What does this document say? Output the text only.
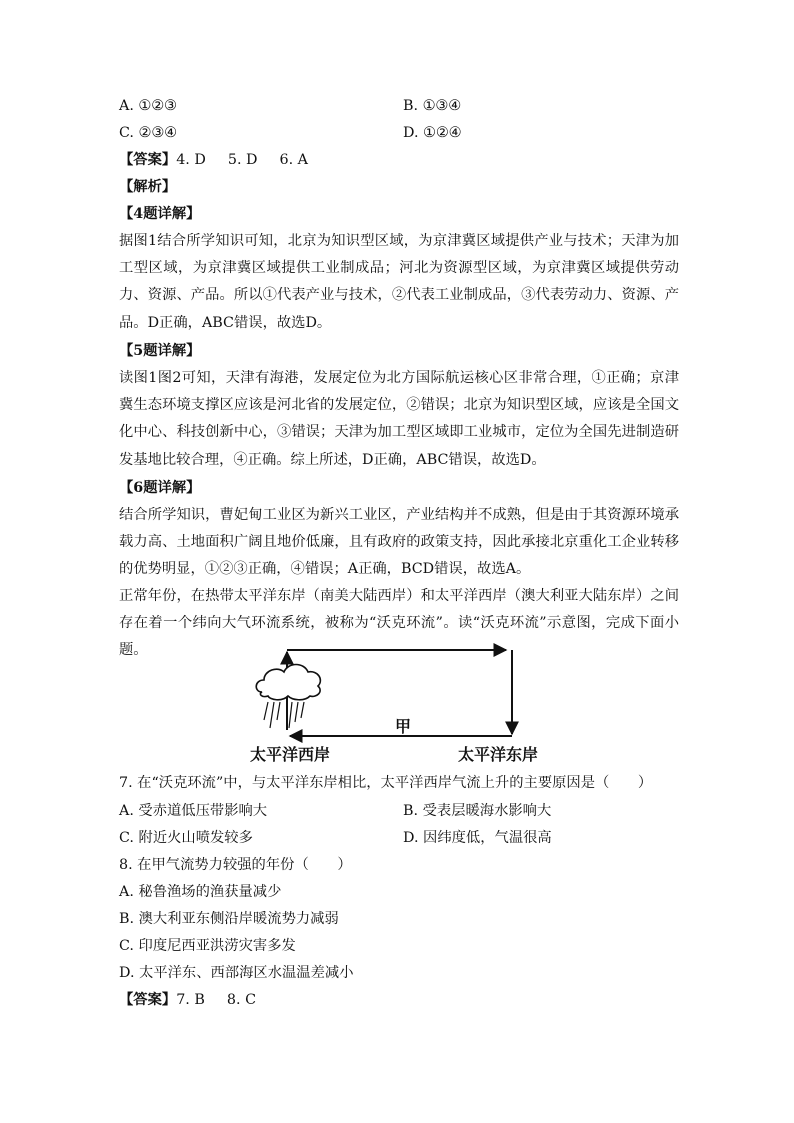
A. ①②③	B. ①③④
C. ②③④	D. ①②④
【答案】4. D 5. D 6. A
【解析】
【4题详解】
据图1结合所学知识可知，北京为知识型区域，为京津冀区域提供产业与技术；天津为加工型区域，为京津冀区域提供工业制成品；河北为资源型区域，为京津冀区域提供劳动力、资源、产品。所以①代表产业与技术，②代表工业制成品，③代表劳动力、资源、产品。D正确，ABC错误，故选D。
【5题详解】
读图1图2可知，天津有海港，发展定位为北方国际航运核心区非常合理，①正确；京津冀生态环境支撑区应该是河北省的发展定位，②错误；北京为知识型区域，应该是全国文化中心、科技创新中心，③错误；天津为加工型区域即工业城市，定位为全国先进制造研发基地比较合理，④正确。综上所述，D正确，ABC错误，故选D。
【6题详解】
结合所学知识，曹妃甸工业区为新兴工业区，产业结构并不成熟，但是由于其资源环境承载力高、土地面积广阔且地价低廉，且有政府的政策支持，因此承接北京重化工企业转移的优势明显，①②③正确，④错误；A正确，BCD错误，故选A。
正常年份，在热带太平洋东岸（南美大陆西岸）和太平洋西岸（澳大利亚大陆东岸）之间存在着一个纬向大气环流系统，被称为“沃克环流”。读“沃克环流”示意图，完成下面小题。
甲
太平洋西岸	太平洋东岸
7. 在“沃克环流”中，与太平洋东岸相比，太平洋西岸气流上升的主要原因是（　　）
A. 受赤道低压带影响大	B. 受表层暖海水影响大
C. 附近火山喷发较多	D. 因纬度低，气温很高
8. 在甲气流势力较强的年份（　　）
A. 秘鲁渔场的渔获量减少
B. 澳大利亚东侧沿岸暖流势力减弱
C. 印度尼西亚洪涝灾害多发
D. 太平洋东、西部海区水温温差减小
【答案】7. B 8. C
